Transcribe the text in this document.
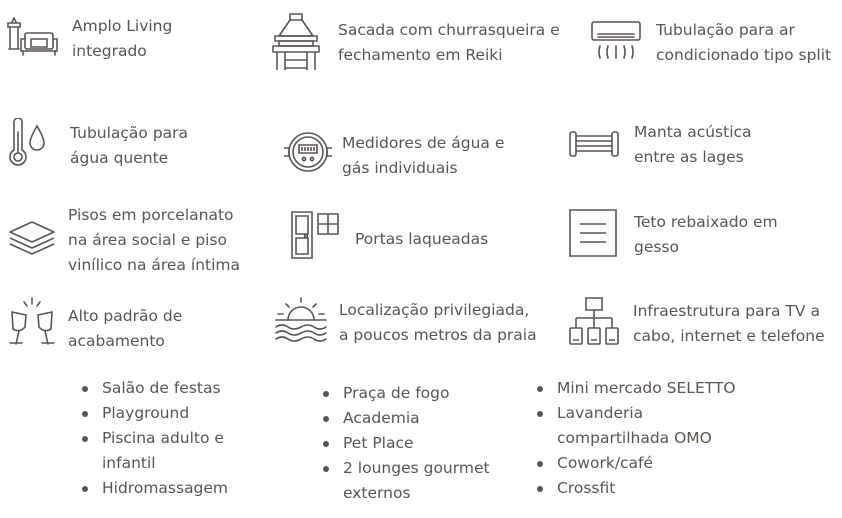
Amplo Living
integrado
Sacada com churrasqueira e
fechamento em Reiki
Tubulação para ar
condicionado tipo split
Tubulação para
água quente
Medidores de água e
gás individuais
Manta acústica
entre as lages
Pisos em porcelanato
na área social e piso
vinílico na área íntima
Portas laqueadas
Teto rebaixado em
gesso
Alto padrão de
acabamento
Localização privilegiada,
a poucos metros da praia
Infraestrutura para TV a
cabo, internet e telefone
Salão de festas
Playground
Piscina adulto e
infantil
Hidromassagem
Praça de fogo
Academia
Pet Place
2 lounges gourmet
externos
Mini mercado SELETTO
Lavanderia
compartilhada OMO
Cowork/café
Crossfit
